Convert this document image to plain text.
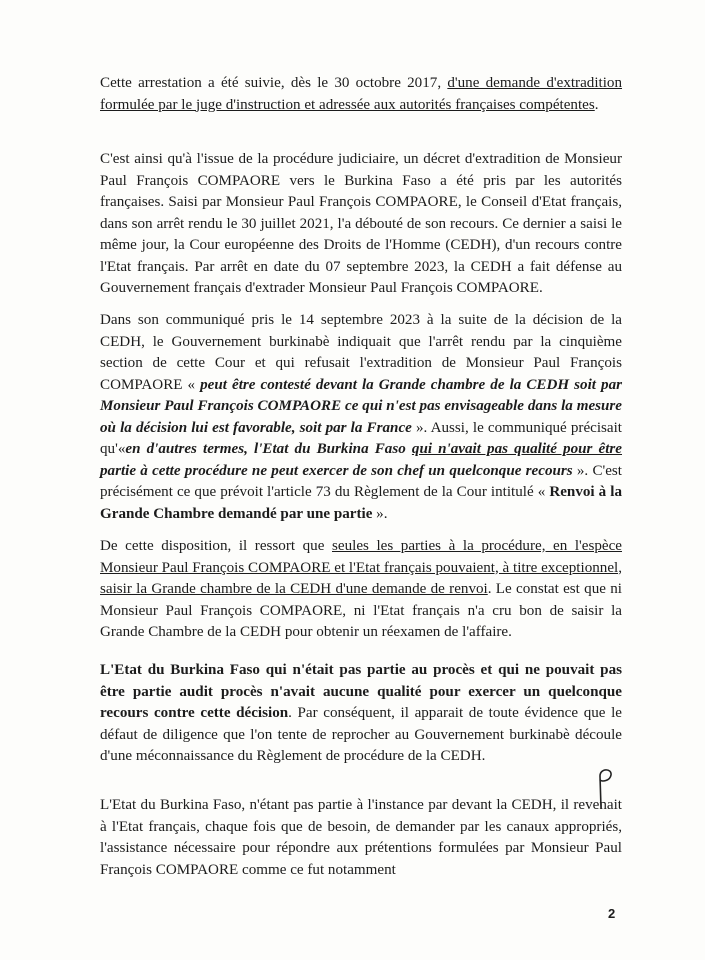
Cette arrestation a été suivie, dès le 30 octobre 2017, d'une demande d'extradition formulée par le juge d'instruction et adressée aux autorités françaises compétentes.

C'est ainsi qu'à l'issue de la procédure judiciaire, un décret d'extradition de Monsieur Paul François COMPAORE vers le Burkina Faso a été pris par les autorités françaises. Saisi par Monsieur Paul François COMPAORE, le Conseil d'Etat français, dans son arrêt rendu le 30 juillet 2021, l'a débouté de son recours. Ce dernier a saisi le même jour, la Cour européenne des Droits de l'Homme (CEDH), d'un recours contre l'Etat français. Par arrêt en date du 07 septembre 2023, la CEDH a fait défense au Gouvernement français d'extrader Monsieur Paul François COMPAORE.

Dans son communiqué pris le 14 septembre 2023 à la suite de la décision de la CEDH, le Gouvernement burkinabè indiquait que l'arrêt rendu par la cinquième section de cette Cour et qui refusait l'extradition de Monsieur Paul François COMPAORE « peut être contesté devant la Grande chambre de la CEDH soit par Monsieur Paul François COMPAORE ce qui n'est pas envisageable dans la mesure où la décision lui est favorable, soit par la France ». Aussi, le communiqué précisait qu'«en d'autres termes, l'Etat du Burkina Faso qui n'avait pas qualité pour être partie à cette procédure ne peut exercer de son chef un quelconque recours ». C'est précisément ce que prévoit l'article 73 du Règlement de la Cour intitulé « Renvoi à la Grande Chambre demandé par une partie ».

De cette disposition, il ressort que seules les parties à la procédure, en l'espèce Monsieur Paul François COMPAORE et l'Etat français pouvaient, à titre exceptionnel, saisir la Grande chambre de la CEDH d'une demande de renvoi. Le constat est que ni Monsieur Paul François COMPAORE, ni l'Etat français n'a cru bon de saisir la Grande Chambre de la CEDH pour obtenir un réexamen de l'affaire.

L'Etat du Burkina Faso qui n'était pas partie au procès et qui ne pouvait pas être partie audit procès n'avait aucune qualité pour exercer un quelconque recours contre cette décision. Par conséquent, il apparait de toute évidence que le défaut de diligence que l'on tente de reprocher au Gouvernement burkinabè découle d'une méconnaissance du Règlement de procédure de la CEDH.

L'Etat du Burkina Faso, n'étant pas partie à l'instance par devant la CEDH, il revenait à l'Etat français, chaque fois que de besoin, de demander par les canaux appropriés, l'assistance nécessaire pour répondre aux prétentions formulées par Monsieur Paul François COMPAORE comme ce fut notamment

2
